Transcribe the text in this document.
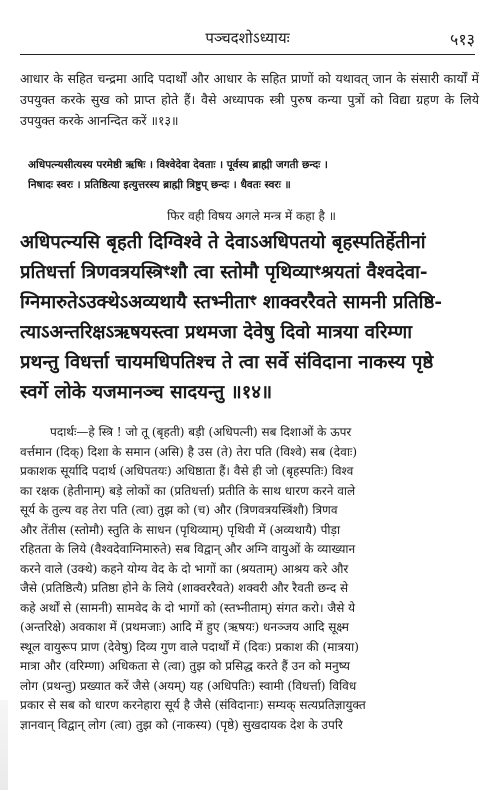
पञ्चदशोऽध्यायः	५१३
आधार के सहित चन्द्रमा आदि पदार्थों और आधार के सहित प्राणों को यथावत् जान के संसारी कार्यों में उपयुक्त करके सुख को प्राप्त होते हैं। वैसे अध्यापक स्त्री पुरुष कन्या पुत्रों को विद्या ग्रहण के लिये उपयुक्त करके आनन्दित करें ॥१३॥
अधिपत्न्यसीत्यस्य परमेष्ठी ऋषिः । विश्वेदेवा देवताः । पूर्वस्य ब्राह्मी जगती छन्दः ।
निषादः स्वरः । प्रतिष्ठित्या इत्युत्तरस्य ब्राह्मी त्रिष्टुप् छन्दः । धैवतः स्वरः ॥
फिर वही विषय अगले मन्त्र में कहा है ॥
अधिपत्न्यसि बृहती दिग्विश्वे ते देवाऽअधिपतयो बृहस्पतिर्हेतीनां
प्रतिधर्त्ता त्रिणवत्रयस्त्रिꣳशौ त्वा स्तोमौ पृथिव्याꣳश्रयतां वैश्वदेवा-
ग्निमारुतेऽउक्थेऽअव्यथायै स्तभ्नीताꣳ शाक्वररैवते सामनी प्रतिष्ठि-
त्याऽअन्तरिक्षऽऋषयस्त्वा प्रथमजा देवेषु दिवो मात्रया वरिम्णा
प्रथन्तु विधर्त्ता चायमधिपतिश्च ते त्वा सर्वे संविदाना नाकस्य पृष्ठे
स्वर्गे लोके यजमानञ्च सादयन्तु ॥१४॥
पदार्थः—हे स्त्रि ! जो तू (बृहती) बड़ी (अधिपत्नी) सब दिशाओं के ऊपर
वर्त्तमान (दिक्) दिशा के समान (असि) है उस (ते) तेरा पति (विश्वे) सब (देवाः)
प्रकाशक सूर्यादि पदार्थ (अधिपतयः) अधिष्ठाता हैं। वैसे ही जो (बृहस्पतिः) विश्व
का रक्षक (हेतीनाम्) बड़े लोकों का (प्रतिधर्त्ता) प्रतीति के साथ धारण करने वाले
सूर्य के तुल्य वह तेरा पति (त्वा) तुझ को (च) और (त्रिणवत्रयस्त्रिंशौ) त्रिणव
और तेंतीस (स्तोमौ) स्तुति के साधन (पृथिव्याम्) पृथिवी में (अव्यथायै) पीड़ा
रहितता के लिये (वैश्वदेवाग्निमारुते) सब विद्वान् और अग्नि वायुओं के व्याख्यान
करने वाले (उक्थे) कहने योग्य वेद के दो भागों का (श्रयताम्) आश्रय करे और
जैसे (प्रतिष्ठित्यै) प्रतिष्ठा होने के लिये (शाक्वररैवते) शक्वरी और रैवती छन्द से
कहे अर्थों से (सामनी) सामवेद के दो भागों को (स्तभ्नीताम्) संगत करो। जैसे ये
(अन्तरिक्षे) अवकाश में (प्रथमजाः) आदि में हुए (ऋषयः) धनञ्जय आदि सूक्ष्म
स्थूल वायुरूप प्राण (देवेषु) दिव्य गुण वाले पदार्थों में (दिवः) प्रकाश की (मात्रया)
मात्रा और (वरिम्णा) अधिकता से (त्वा) तुझ को प्रसिद्ध करते हैं उन को मनुष्य
लोग (प्रथन्तु) प्रख्यात करें जैसे (अयम्) यह (अधिपतिः) स्वामी (विधर्त्ता) विविध
प्रकार से सब को धारण करनेहारा सूर्य है जैसे (संविदानाः) सम्यक् सत्यप्रतिज्ञायुक्त
ज्ञानवान् विद्वान् लोग (त्वा) तुझ को (नाकस्य) (पृष्ठे) सुखदायक देश के उपरि
